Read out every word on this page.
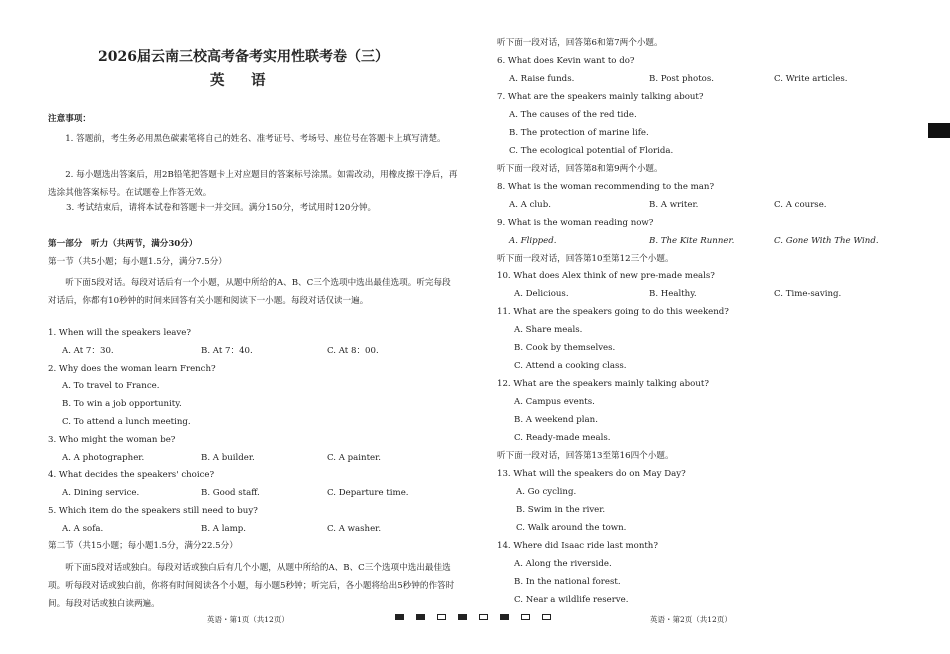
2026届云南三校高考备考实用性联考卷（三）
英　语
注意事项：
1. 答题前，考生务必用黑色碳素笔将自己的姓名、准考证号、考场号、座位号在答题卡上填写清楚。
2. 每小题选出答案后，用2B铅笔把答题卡上对应题目的答案标号涂黑。如需改动，用橡皮擦干净后，再选涂其他答案标号。在试题卷上作答无效。
3. 考试结束后，请将本试卷和答题卡一并交回。满分150分，考试用时120分钟。
第一部分　听力（共两节，满分30分）
第一节（共5小题；每小题1.5分，满分7.5分）
听下面5段对话。每段对话后有一个小题，从题中所给的A、B、C三个选项中选出最佳选项。听完每段对话后，你都有10秒钟的时间来回答有关小题和阅读下一小题。每段对话仅读一遍。
1. When will the speakers leave?
A. At 7：30.	B. At 7：40.	C. At 8：00.
2. Why does the woman learn French?
A. To travel to France.
B. To win a job opportunity.
C. To attend a lunch meeting.
3. Who might the woman be?
A. A photographer.	B. A builder.	C. A painter.
4. What decides the speakers' choice?
A. Dining service.	B. Good staff.	C. Departure time.
5. Which item do the speakers still need to buy?
A. A sofa.	B. A lamp.	C. A washer.
第二节（共15小题；每小题1.5分，满分22.5分）
听下面5段对话或独白。每段对话或独白后有几个小题，从题中所给的A、B、C三个选项中选出最佳选项。听每段对话或独白前，你将有时间阅读各个小题，每小题5秒钟；听完后，各小题将给出5秒钟的作答时间。每段对话或独白读两遍。
听下面一段对话，回答第6和第7两个小题。
6. What does Kevin want to do?
A. Raise funds.	B. Post photos.	C. Write articles.
7. What are the speakers mainly talking about?
A. The causes of the red tide.
B. The protection of marine life.
C. The ecological potential of Florida.
听下面一段对话，回答第8和第9两个小题。
8. What is the woman recommending to the man?
A. A club.	B. A writer.	C. A course.
9. What is the woman reading now?
A. Flipped.	B. The Kite Runner.	C. Gone With The Wind.
听下面一段对话，回答第10至第12三个小题。
10. What does Alex think of new pre-made meals?
A. Delicious.	B. Healthy.	C. Time-saving.
11. What are the speakers going to do this weekend?
A. Share meals.
B. Cook by themselves.
C. Attend a cooking class.
12. What are the speakers mainly talking about?
A. Campus events.
B. A weekend plan.
C. Ready-made meals.
听下面一段对话，回答第13至第16四个小题。
13. What will the speakers do on May Day?
A. Go cycling.
B. Swim in the river.
C. Walk around the town.
14. Where did Isaac ride last month?
A. Along the riverside.
B. In the national forest.
C. Near a wildlife reserve.
英语・第1页（共12页）	英语・第2页（共12页）
